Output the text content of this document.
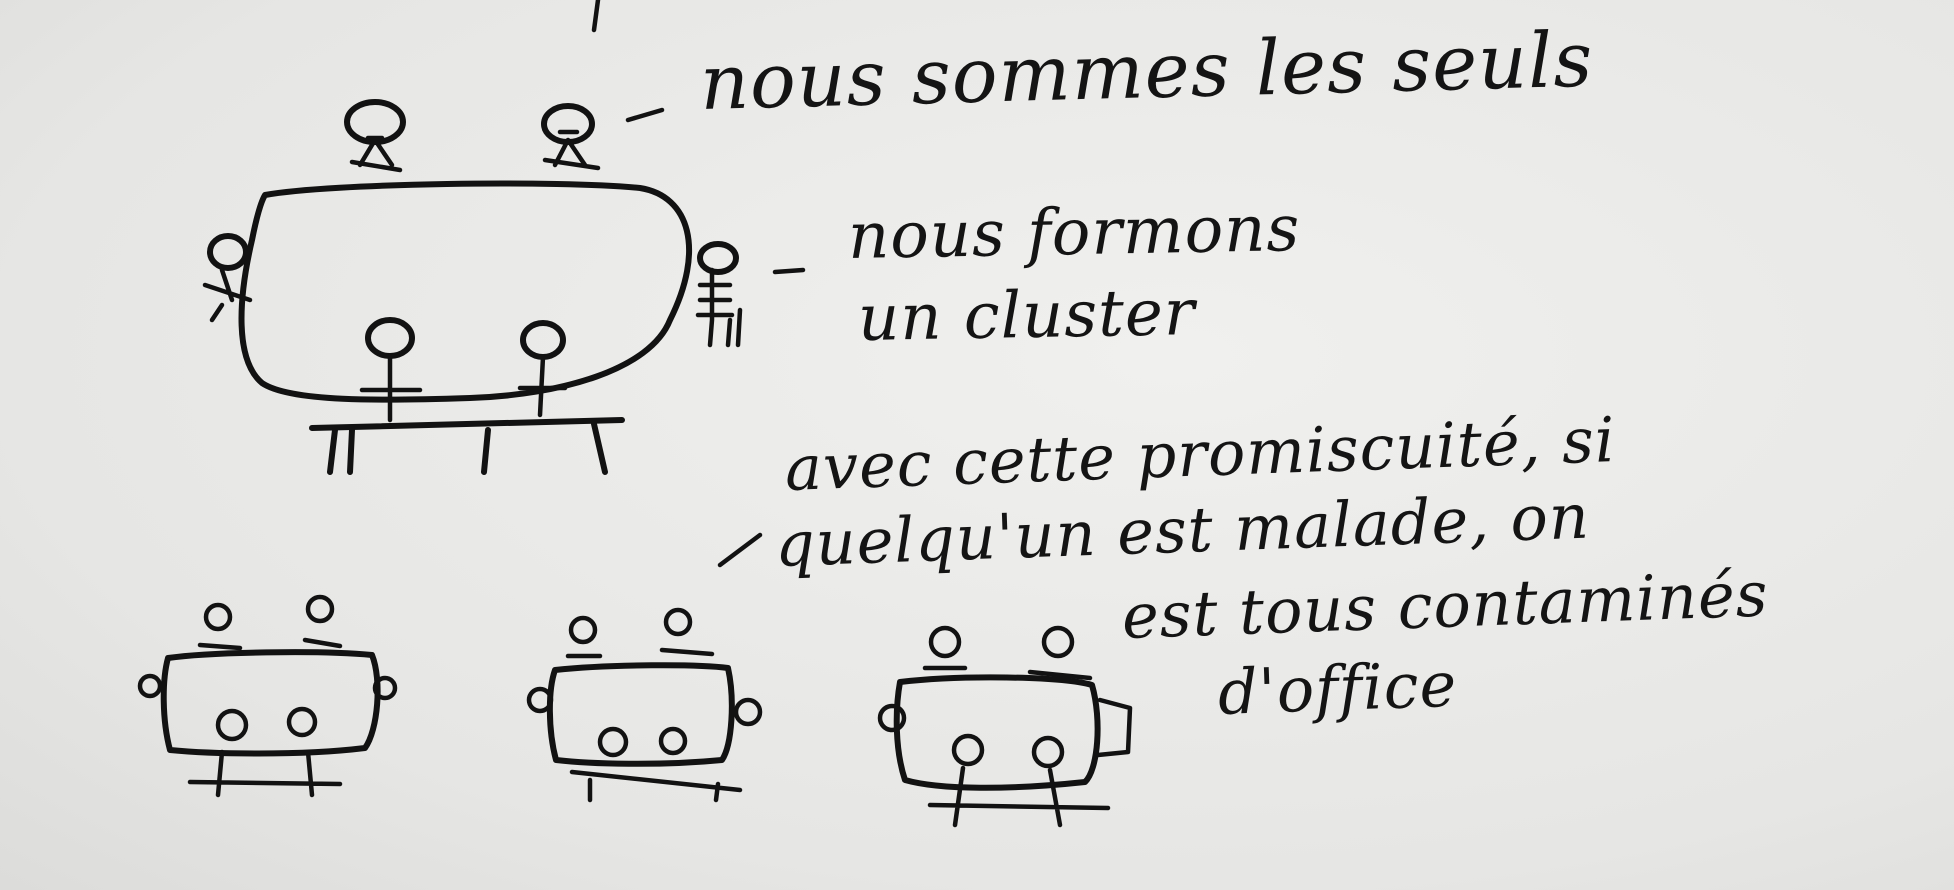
nous sommes les seuls
nous formons
un cluster
avec cette promiscuité, si
quelqu'un est malade, on
est tous contaminés
d'office
